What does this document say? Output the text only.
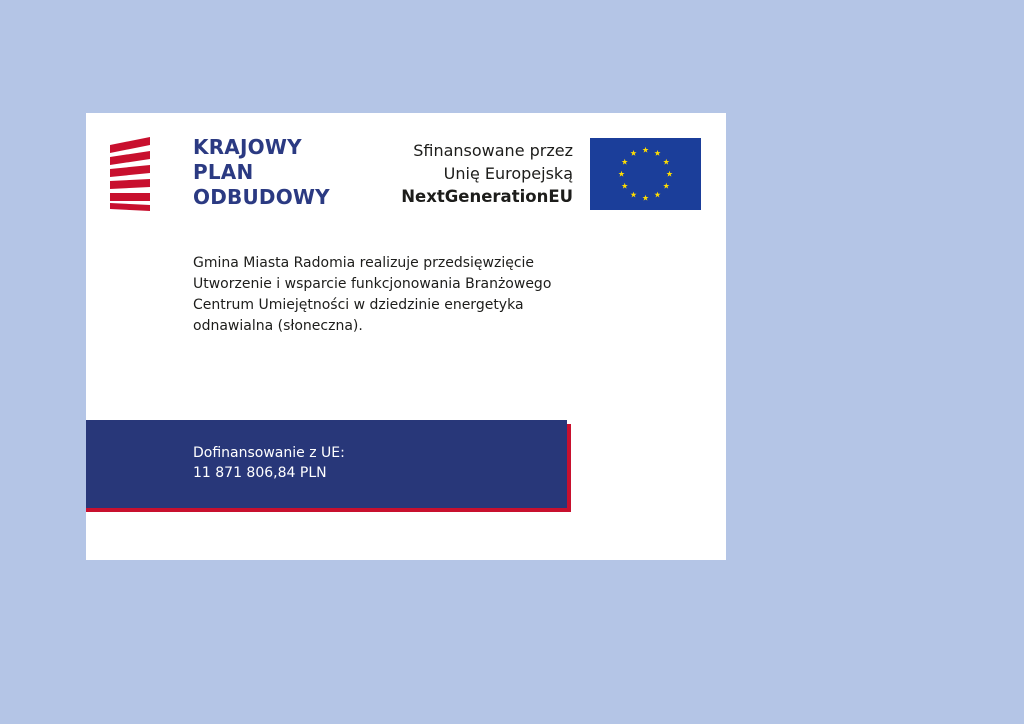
KRAJOWY
PLAN
ODBUDOWY
Sfinansowane przez
Unię Europejską
NextGenerationEU
Gmina Miasta Radomia realizuje przedsięwzięcie Utworzenie i wsparcie funkcjonowania Branżowego Centrum Umiejętności w dziedzinie energetyka odnawialna (słoneczna).
Dofinansowanie z UE:
11 871 806,84 PLN
